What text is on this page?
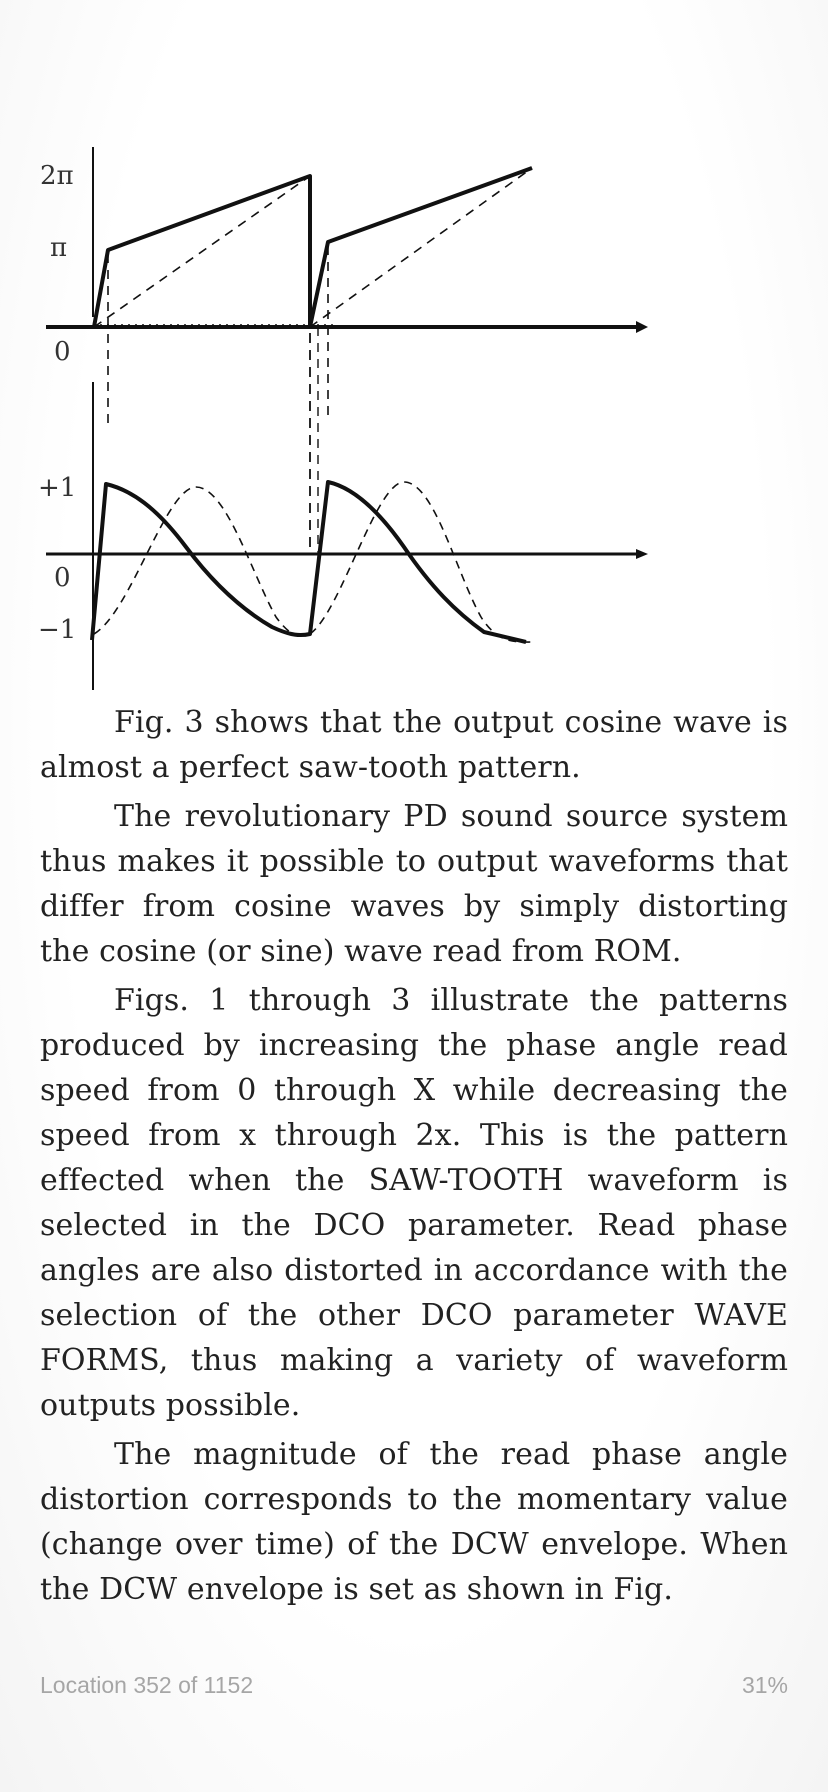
2π
π
0
+1
0
−1

Fig. 3 shows that the output cosine wave is almost a perfect saw-tooth pattern.

The revolutionary PD sound source system thus makes it possible to output waveforms that differ from cosine waves by simply distorting the cosine (or sine) wave read from ROM.

Figs. 1 through 3 illustrate the patterns produced by increasing the phase angle read speed from 0 through X while decreasing the speed from x through 2x. This is the pattern effected when the SAW-TOOTH waveform is selected in the DCO parameter. Read phase angles are also distorted in accordance with the selection of the other DCO parameter WAVE FORMS, thus making a variety of waveform outputs possible.

The magnitude of the read phase angle distortion corresponds to the momentary value (change over time) of the DCW envelope. When the DCW envelope is set as shown in Fig.

Location 352 of 1152	31%
